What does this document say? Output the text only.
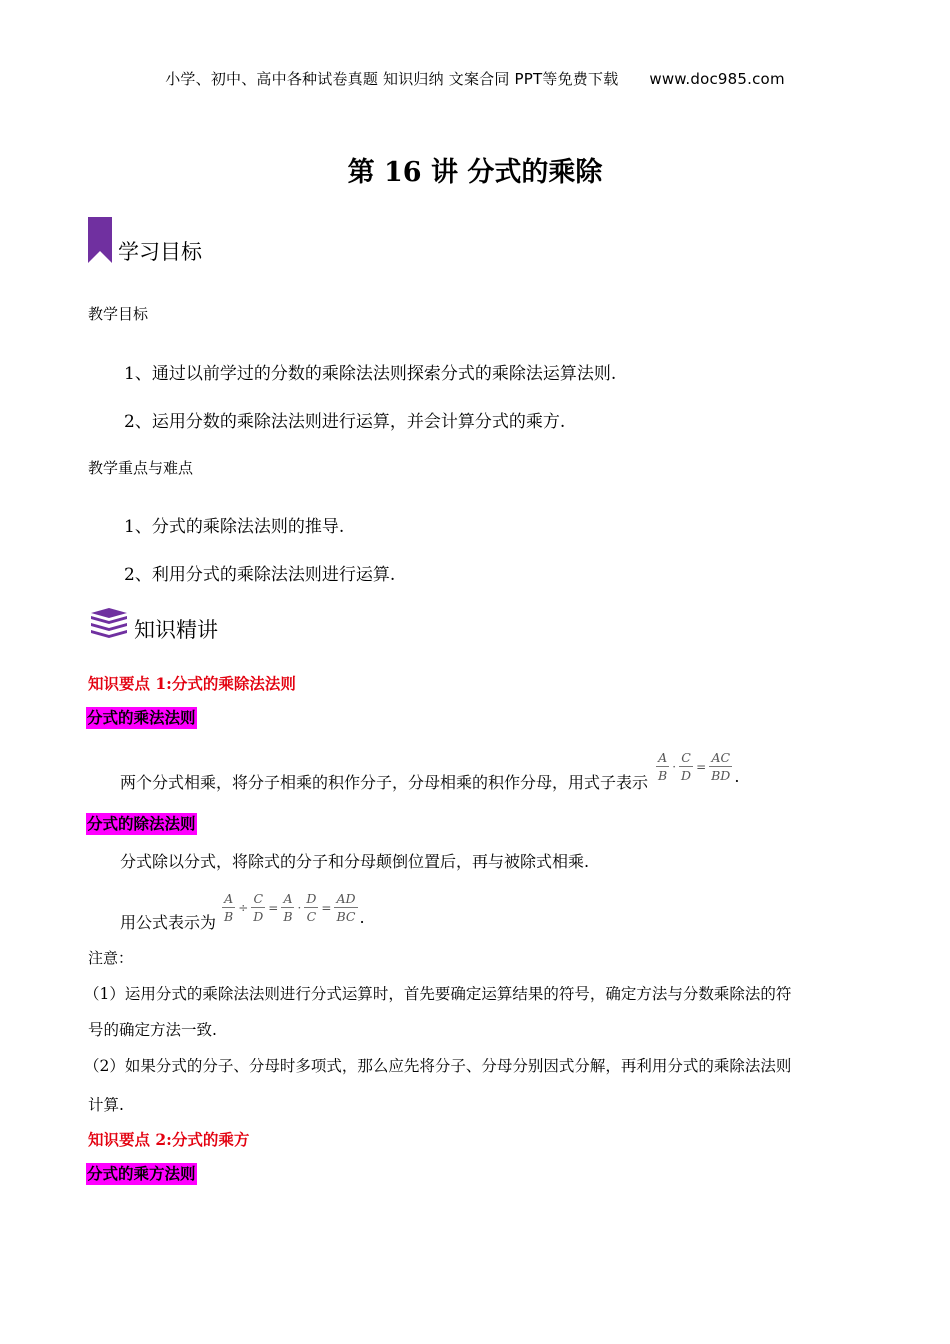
小学、初中、高中各种试卷真题 知识归纳 文案合同 PPT等免费下载 www.doc985.com
第 16 讲 分式的乘除
学习目标
教学目标
1、通过以前学过的分数的乘除法法则探索分式的乘除法运算法则.
2、运用分数的乘除法法则进行运算，并会计算分式的乘方.
教学重点与难点
1、分式的乘除法法则的推导.
2、利用分式的乘除法法则进行运算.
知识精讲
知识要点 1:分式的乘除法法则
分式的乘法法则
两个分式相乘，将分子相乘的积作分子，分母相乘的积作分母，用式子表示 $\frac{A}{B} \cdot \frac{C}{D} = \frac{AC}{BD}$ .
分式的除法法则
分式除以分式，将除式的分子和分母颠倒位置后，再与被除式相乘.
用公式表示为 $\frac{A}{B} \div \frac{C}{D} = \frac{A}{B} \cdot \frac{D}{C} = \frac{AD}{BC}$ .
注意：
（1）运用分式的乘除法法则进行分式运算时，首先要确定运算结果的符号，确定方法与分数乘除法的符
号的确定方法一致.
（2）如果分式的分子、分母时多项式，那么应先将分子、分母分别因式分解，再利用分式的乘除法法则
计算.
知识要点 2:分式的乘方
分式的乘方法则
